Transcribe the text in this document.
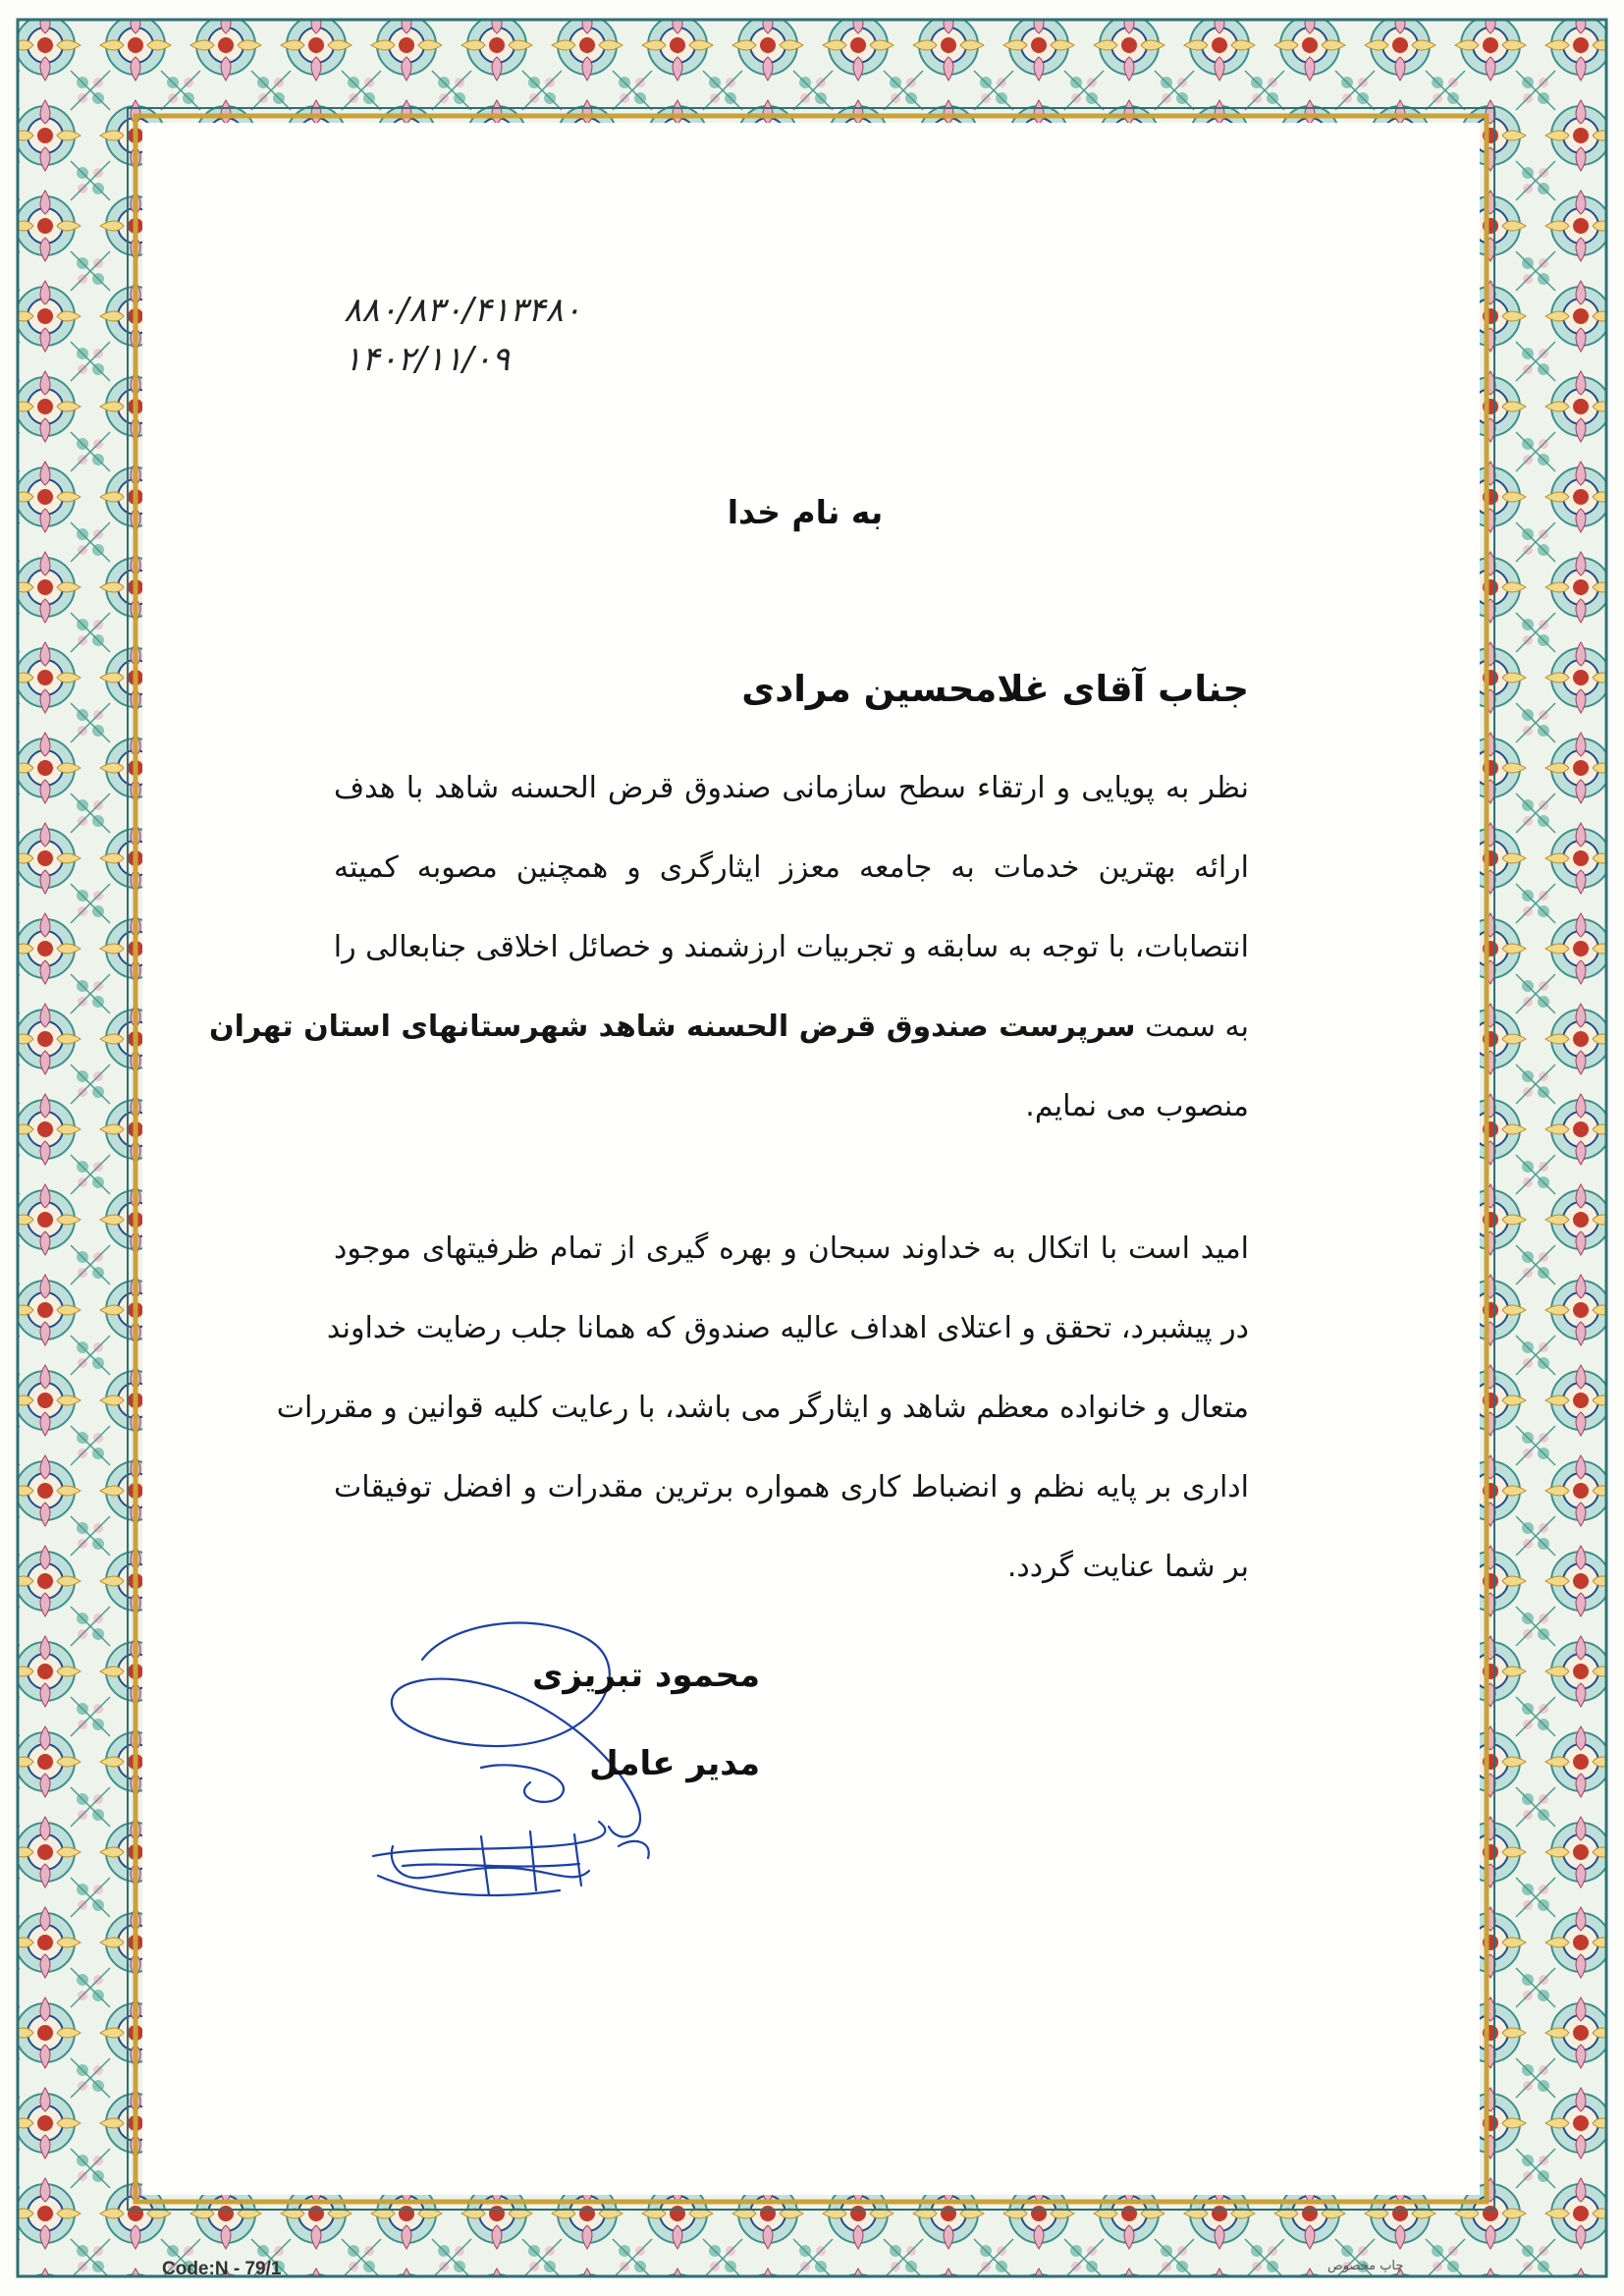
۸۸۰/۸۳۰/۴۱۳۴۸۰
۱۴۰۲/۱۱/۰۹
به نام خدا
جناب آقای غلامحسین مرادی
نظر به پویایی و ارتقاء سطح سازمانی صندوق قرض الحسنه شاهد با هدف
ارائه بهترین خدمات به جامعه معزز ایثارگری و همچنین مصوبه کمیته
انتصابات، با توجه به سابقه و تجربیات ارزشمند و خصائل اخلاقی جنابعالی را
به سمت سرپرست صندوق قرض الحسنه شاهد شهرستانهای استان تهران
منصوب می نمایم.
امید است با اتکال به خداوند سبحان و بهره گیری از تمام ظرفیتهای موجود
در پیشبرد، تحقق و اعتلای اهداف عالیه صندوق که همانا جلب رضایت خداوند
متعال و خانواده معظم شاهد و ایثارگر می باشد، با رعایت کلیه قوانین و مقررات
اداری بر پایه نظم و انضباط کاری همواره برترین مقدرات و افضل توفیقات
بر شما عنایت گردد.
محمود تبریزی
مدیر عامل
Code:N - 79/1	چاپ مخصوص
